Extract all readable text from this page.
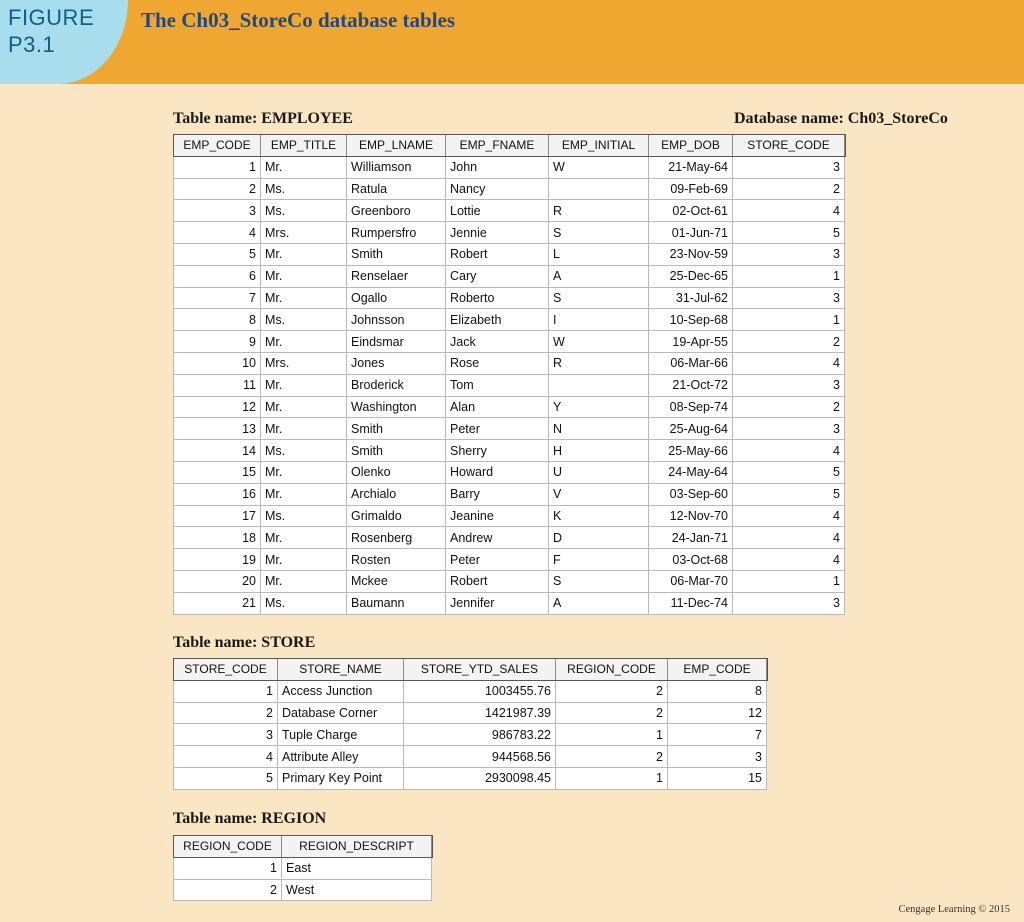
FIGURE
P3.1
The Ch03_StoreCo database tables
Table name: EMPLOYEE	Database name: Ch03_StoreCo
EMP_CODE	EMP_TITLE	EMP_LNAME	EMP_FNAME	EMP_INITIAL	EMP_DOB	STORE_CODE
1	Mr.	Williamson	John	W	21-May-64	3
2	Ms.	Ratula	Nancy		09-Feb-69	2
3	Ms.	Greenboro	Lottie	R	02-Oct-61	4
4	Mrs.	Rumpersfro	Jennie	S	01-Jun-71	5
5	Mr.	Smith	Robert	L	23-Nov-59	3
6	Mr.	Renselaer	Cary	A	25-Dec-65	1
7	Mr.	Ogallo	Roberto	S	31-Jul-62	3
8	Ms.	Johnsson	Elizabeth	I	10-Sep-68	1
9	Mr.	Eindsmar	Jack	W	19-Apr-55	2
10	Mrs.	Jones	Rose	R	06-Mar-66	4
11	Mr.	Broderick	Tom		21-Oct-72	3
12	Mr.	Washington	Alan	Y	08-Sep-74	2
13	Mr.	Smith	Peter	N	25-Aug-64	3
14	Ms.	Smith	Sherry	H	25-May-66	4
15	Mr.	Olenko	Howard	U	24-May-64	5
16	Mr.	Archialo	Barry	V	03-Sep-60	5
17	Ms.	Grimaldo	Jeanine	K	12-Nov-70	4
18	Mr.	Rosenberg	Andrew	D	24-Jan-71	4
19	Mr.	Rosten	Peter	F	03-Oct-68	4
20	Mr.	Mckee	Robert	S	06-Mar-70	1
21	Ms.	Baumann	Jennifer	A	11-Dec-74	3
Table name: STORE
STORE_CODE	STORE_NAME	STORE_YTD_SALES	REGION_CODE	EMP_CODE
1	Access Junction	1003455.76	2	8
2	Database Corner	1421987.39	2	12
3	Tuple Charge	986783.22	1	7
4	Attribute Alley	944568.56	2	3
5	Primary Key Point	2930098.45	1	15
Table name: REGION
REGION_CODE	REGION_DESCRIPT
1	East
2	West
Cengage Learning © 2015
